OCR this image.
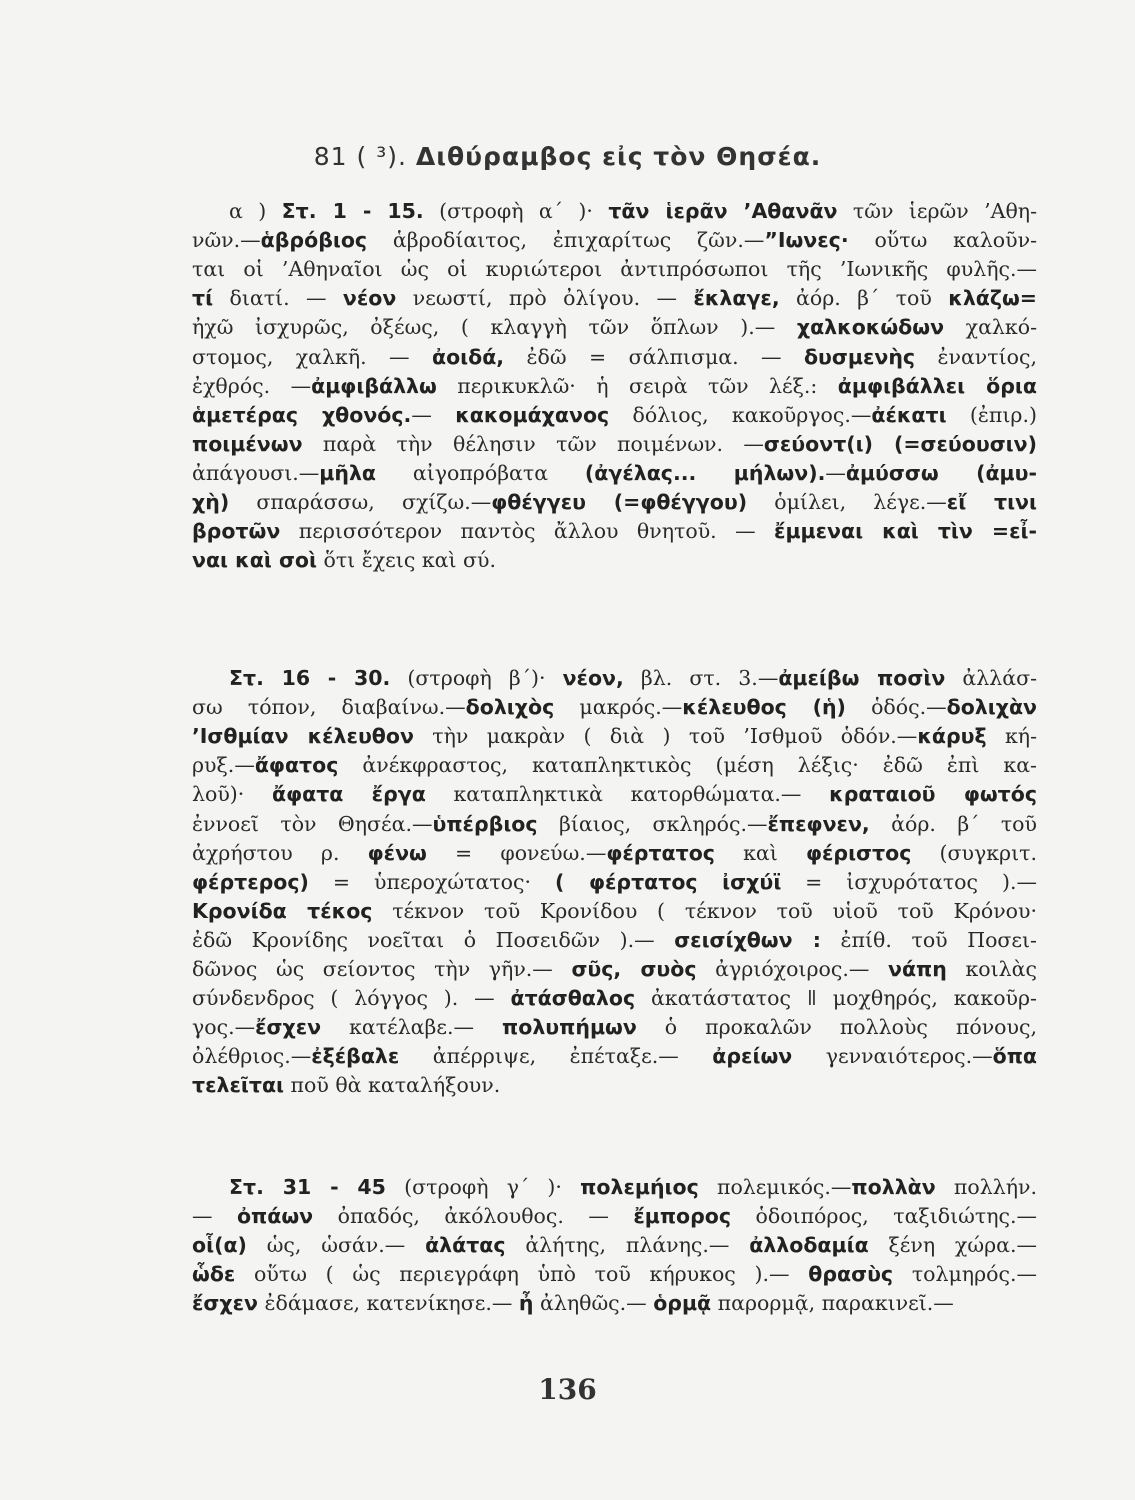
81 ( ³). Διθύραμβος εἰς τὸν Θησέα.
α ) Στ. 1 - 15. (στροφὴ α΄ )· τᾶν ἱερᾶν ’Αθανᾶν τῶν ἱερῶν ’Αθη-
νῶν.—ἁβρόβιος ἁβροδίαιτος, ἐπιχαρίτως ζῶν.—”Ιωνες· οὕτω καλοῦν-
ται οἱ ’Αθηναῖοι ὡς οἱ κυριώτεροι ἀντιπρόσωποι τῆς ’Ιωνικῆς φυλῆς.—
τί διατί. — νέον νεωστί, πρὸ ὀλίγου. — ἔκλαγε, ἀόρ. β΄ τοῦ κλάζω=
ἠχῶ ἰσχυρῶς, ὀξέως, ( κλαγγὴ τῶν ὅπλων ).— χαλκοκώδων χαλκό-
στομος, χαλκῆ. — ἀοιδά, ἐδῶ = σάλπισμα. — δυσμενὴς ἐναντίος,
ἐχθρός. —ἀμφιβάλλω περικυκλῶ· ἡ σειρὰ τῶν λέξ.: ἀμφιβάλλει ὅρια
ἁμετέρας χθονός.— κακομάχανος δόλιος, κακοῦργος.—ἀέκατι (ἐπιρ.)
ποιμένων παρὰ τὴν θέλησιν τῶν ποιμένων. —σεύοντ(ι) (=σεύουσιν)
ἀπάγουσι.—μῆλα αἰγοπρόβατα (ἀγέλας... μήλων).—ἀμύσσω (ἀμυ-
χὴ) σπαράσσω, σχίζω.—φθέγγευ (=φθέγγου) ὁμίλει, λέγε.—εἴ τινι
βροτῶν περισσότερον παντὸς ἄλλου θνητοῦ. — ἔμμεναι καὶ τὶν =εἶ-
ναι καὶ σοὶ ὅτι ἔχεις καὶ σύ.
Στ. 16 - 30. (στροφὴ β΄)· νέον, βλ. στ. 3.—ἀμείβω ποσὶν ἀλλάσ-
σω τόπον, διαβαίνω.—δολιχὸς μακρός.—κέλευθος (ἡ) ὁδός.—δολιχὰν
’Ισθμίαν κέλευθον τὴν μακρὰν ( διὰ ) τοῦ ’Ισθμοῦ ὁδόν.—κάρυξ κή-
ρυξ.—ἄφατος ἀνέκφραστος, καταπληκτικὸς (μέση λέξις· ἐδῶ ἐπὶ κα-
λοῦ)· ἄφατα ἔργα καταπληκτικὰ κατορθώματα.— κραταιοῦ φωτός
ἐννοεῖ τὸν Θησέα.—ὑπέρβιος βίαιος, σκληρός.—ἔπεφνεν, ἀόρ. β΄ τοῦ
ἀχρήστου ρ. φένω = φονεύω.—φέρτατος καὶ φέριστος (συγκριτ.
φέρτερος) = ὑπεροχώτατος· ( φέρτατος ἰσχύϊ = ἰσχυρότατος ).—
Κρονίδα τέκος τέκνον τοῦ Κρονίδου ( τέκνον τοῦ υἱοῦ τοῦ Κρόνου·
ἐδῶ Κρονίδης νοεῖται ὁ Ποσειδῶν ).— σεισίχθων : ἐπίθ. τοῦ Ποσει-
δῶνος ὡς σείοντος τὴν γῆν.— σῦς, συὸς ἀγριόχοιρος.— νάπη κοιλὰς
σύνδενδρος ( λόγγος ). — ἀτάσθαλος ἀκατάστατος ǁ μοχθηρός, κακοῦρ-
γος.—ἔσχεν κατέλαβε.— πολυπήμων ὁ προκαλῶν πολλοὺς πόνους,
ὀλέθριος.—ἐξέβαλε ἀπέρριψε, ἐπέταξε.— ἀρείων γενναιότερος.—ὅπα
τελεῖται ποῦ θὰ καταλήξουν.
Στ. 31 - 45 (στροφὴ γ΄ )· πολεμήιος πολεμικός.—πολλὰν πολλήν.
— ὀπάων ὀπαδός, ἀκόλουθος. — ἔμπορος ὁδοιπόρος, ταξιδιώτης.—
οἷ(α) ὡς, ὡσάν.— ἀλάτας ἀλήτης, πλάνης.— ἀλλοδαμία ξένη χώρα.—
ὧδε οὕτω ( ὡς περιεγράφη ὑπὸ τοῦ κήρυκος ).— θρασὺς τολμηρός.—
ἔσχεν ἐδάμασε, κατενίκησε.— ἦ ἀληθῶς.— ὁρμᾷ παρορμᾷ, παρακινεῖ.—
136
